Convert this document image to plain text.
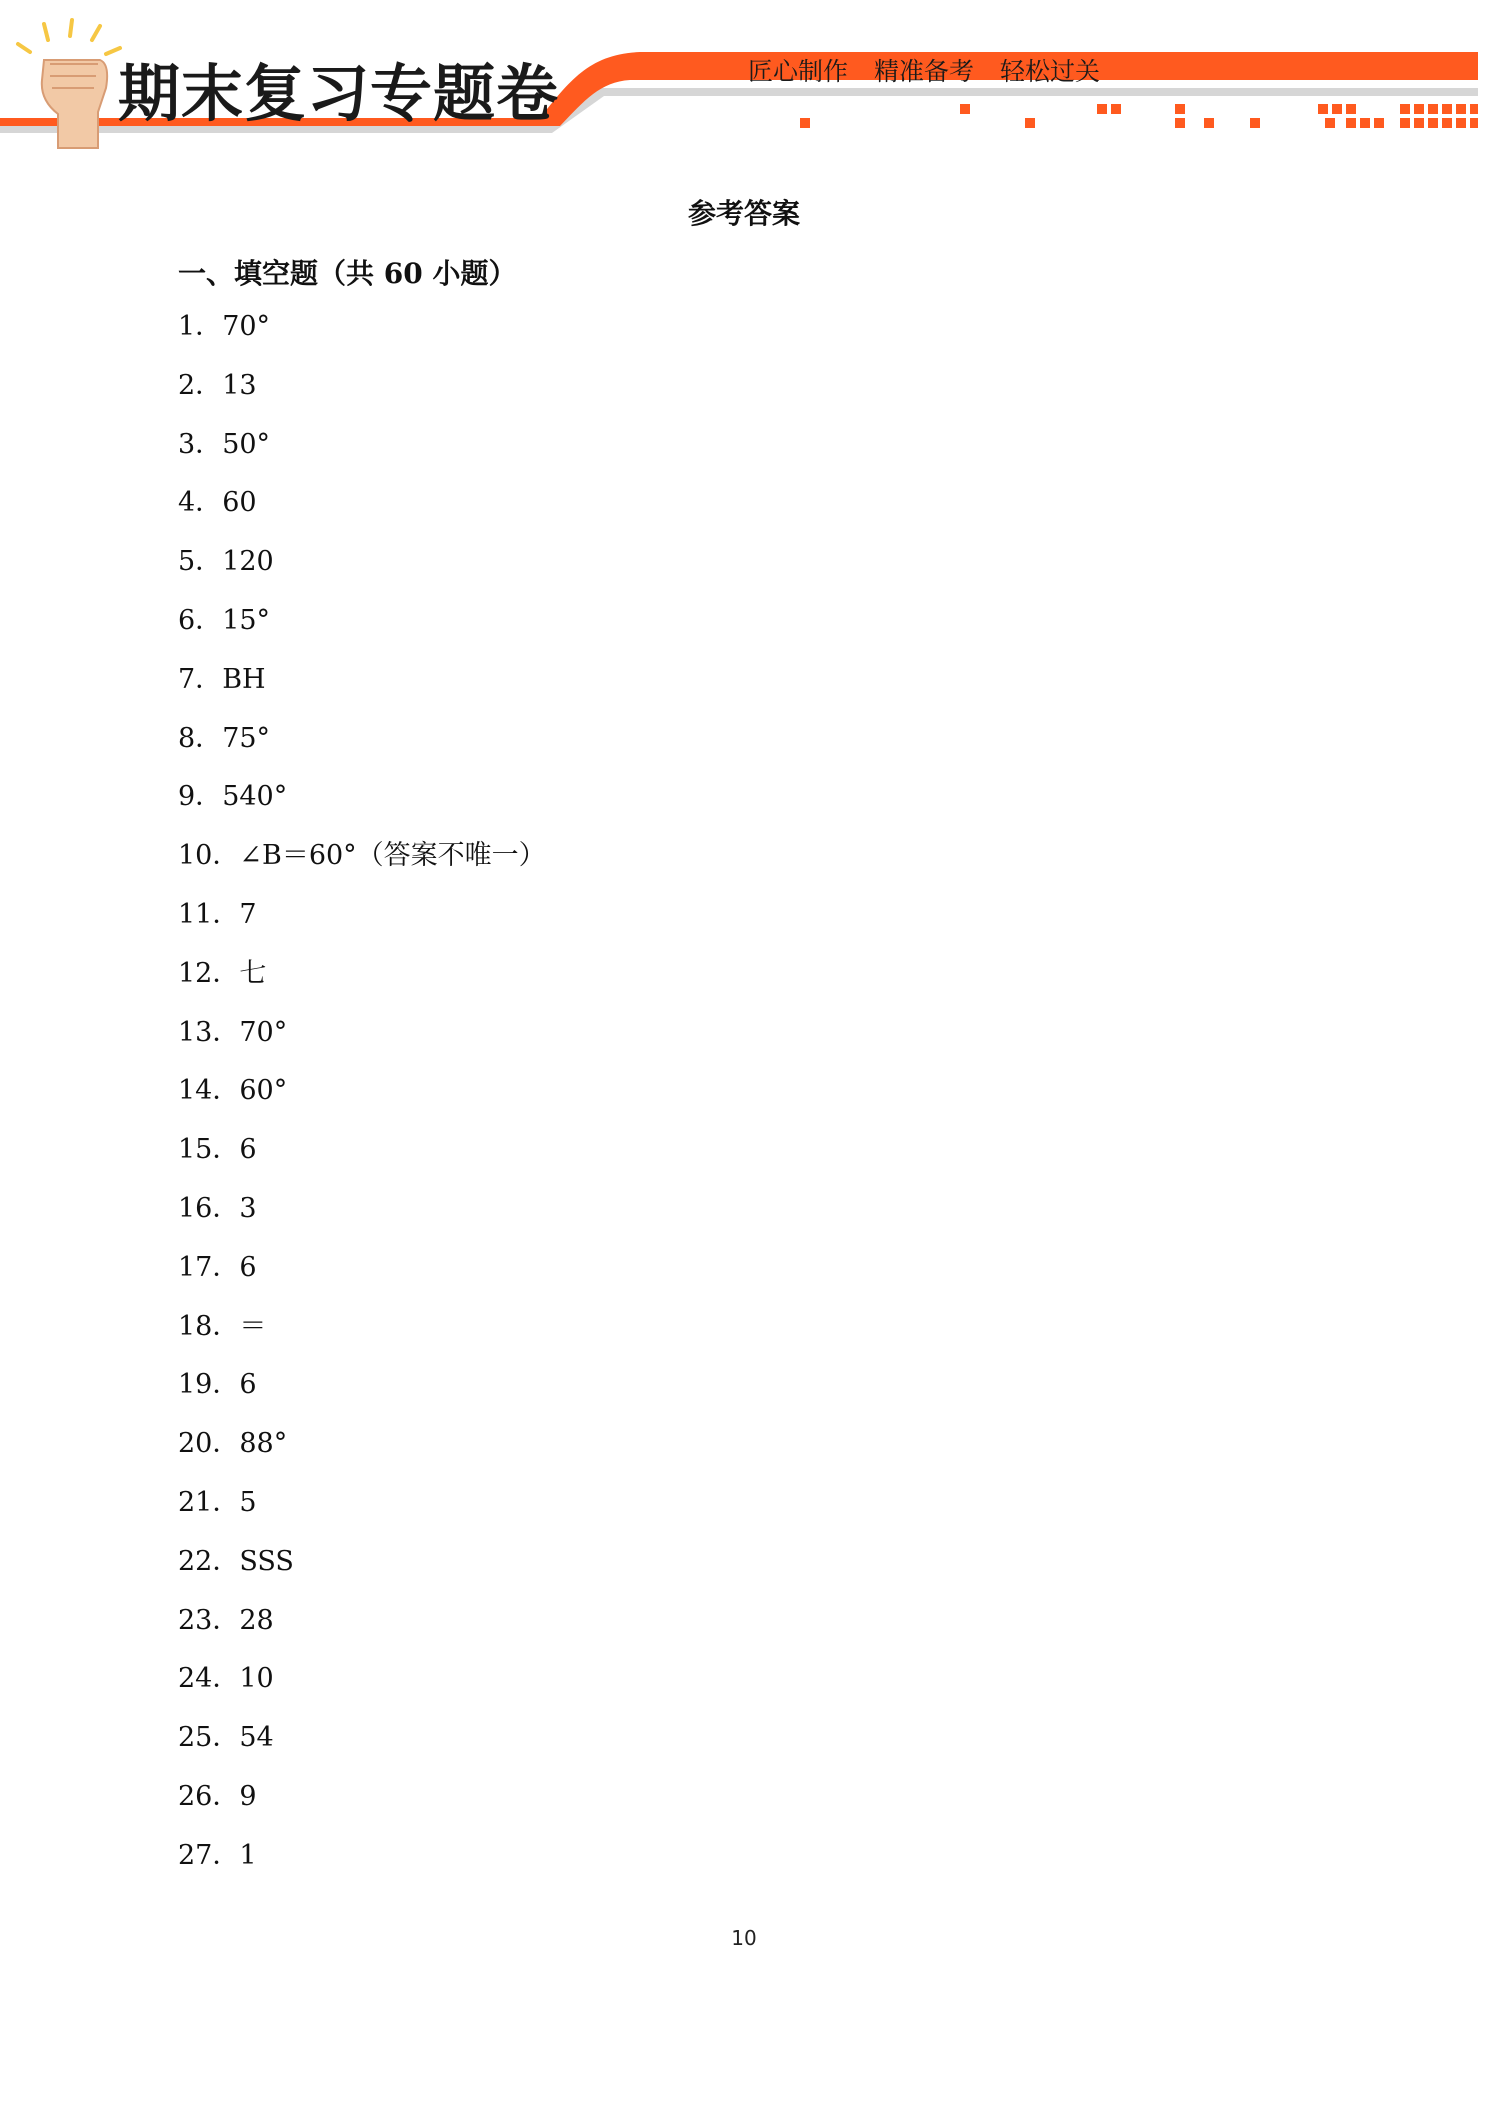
期末复习专题卷	匠心制作 精准备考 轻松过关
参考答案
一、填空题（共 60 小题）
1．70°
2．13
3．50°
4．60
5．120
6．15°
7．BH
8．75°
9．540°
10．∠B＝60°（答案不唯一）
11．7
12．七
13．70°
14．60°
15．6
16．3
17．6
18．＝
19．6
20．88°
21．5
22．SSS
23．28
24．10
25．54
26．9
27．1
10
